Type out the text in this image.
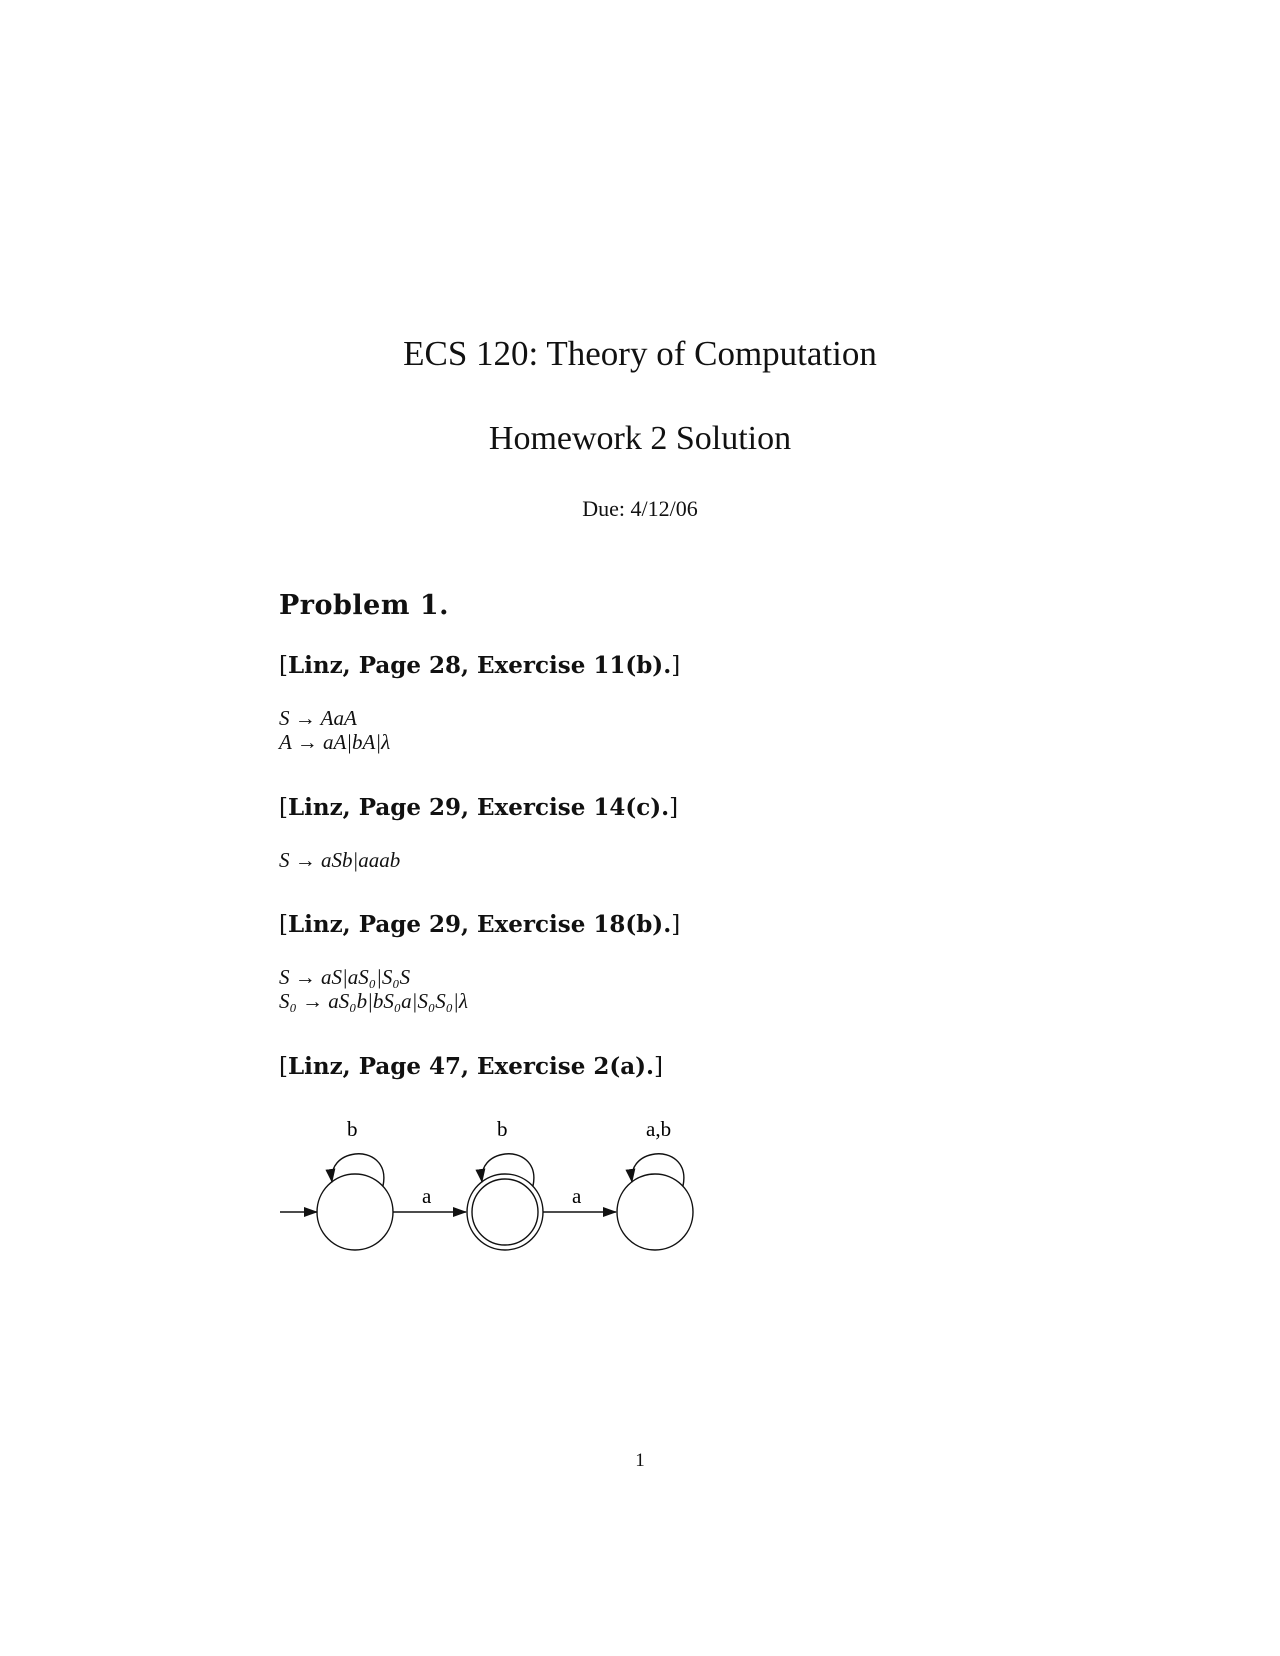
ECS 120: Theory of Computation
Homework 2 Solution
Due: 4/12/06
Problem 1.
[Linz, Page 28, Exercise 11(b).]
S → AaA
A → aA|bA|λ
[Linz, Page 29, Exercise 14(c).]
S → aSb|aaab
[Linz, Page 29, Exercise 18(b).]
S → aS|aS₀|S₀S
S₀ → aS₀b|bS₀a|S₀S₀|λ
[Linz, Page 47, Exercise 2(a).]
b
a
b
a
a,b
1
